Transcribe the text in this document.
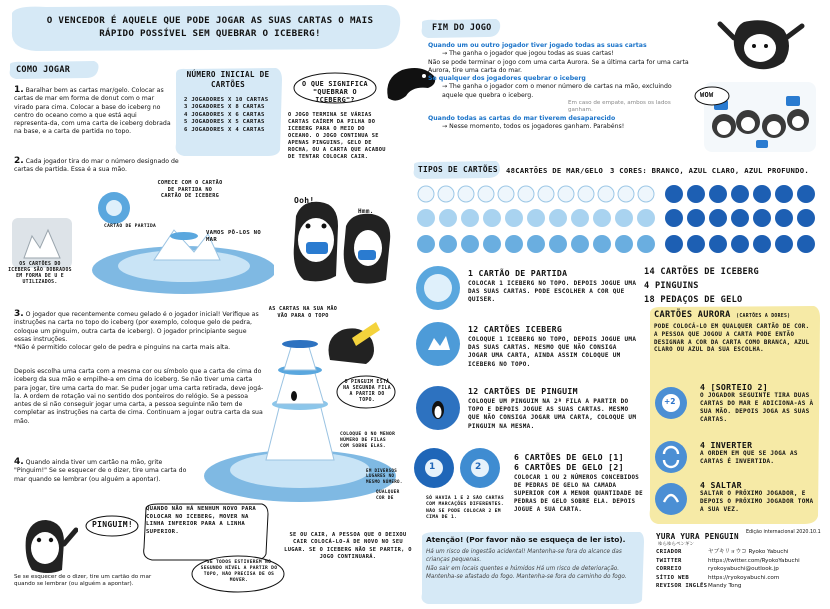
O VENCEDOR É AQUELE QUE PODE JOGAR AS SUAS CARTAS O MAIS RÁPIDO POSSÍVEL SEM QUEBRAR O ICEBERG!
COMO JOGAR
1. Baralhar bem as cartas mar/gelo. Colocar as cartas de mar em forma de donut com o mar virado para cima. Colocar a base do iceberg no centro do oceano como a que está aqui representa-da, com uma carta de iceberg dobrada na base, e a carta de partida no topo.
2. Cada jogador tira do mar o número designado de cartas de partida. Essa é a sua mão.
NÚMERO INICIAL DE CARTÕES
2 JOGADORES X 10 CARTAS
3 JOGADORES X 8 CARTAS
4 JOGADORES X 6 CARTAS
5 JOGADORES X 5 CARTAS
6 JOGADORES X 4 CARTAS
O QUE SIGNIFICA "QUEBRAR O ICEBERG"?
O JOGO TERMINA SE VÁRIAS CARTAS CAÍREM DA PILHA DO ICEBERG PARA O MEIO DO OCEANO. O JOGO CONTINUA SE APENAS PINGUINS, GELO DE ROCHA, OU A CARTA QUE ACABOU DE TENTAR COLOCAR CAIR.
FIM DO JOGO
Quando um ou outro jogador tiver jogado todas as suas cartas
→ The ganha o jogador que jogou todas as suas cartas!
Não se pode terminar o jogo com uma carta Aurora. Se a última carta for uma carta Aurora, tire uma carta do mar.
Se qualquer dos jogadores quebrar o iceberg
→ The ganha o jogador com o menor número de cartas na mão, excluindo aquele que quebra o iceberg.
Em caso de empate, ambos os lados ganham.
Quando todas as cartas do mar tiverem desaparecido
→ Nesse momento, todos os jogadores ganham. Parabéns!
WOW
TIPOS DE CARTÕES 48CARTÕES DE MAR/GELO 3 CORES: BRANCO, AZUL CLARO, AZUL PROFUNDO.
14 CARTÕES DE ICEBERG
4 PINGUINS
18 PEDAÇOS DE GELO
1 CARTÃO DE PARTIDA
COLOCAR 1 ICEBERG NO TOPO. DEPOIS JOGUE UMA DAS SUAS CARTAS. PODE ESCOLHER A COR QUE QUISER.
12 CARTÕES ICEBERG
COLOQUE 1 ICEBERG NO TOPO, DEPOIS JOGUE UMA DAS SUAS CARTAS. MESMO QUE NÃO CONSIGA JOGAR UMA CARTA, AINDA ASSIM COLOQUE UM ICEBERG NO TOPO.
12 CARTÕES DE PINGUIM
COLOQUE UM PINGUIM NA 2ª FILA A PARTIR DO TOPO E DEPOIS JOGUE AS SUAS CARTAS. MESMO QUE NÃO CONSIGA JOGAR UMA CARTA, COLOQUE UM PINGUIM NA MESMA.
1	2
6 CARTÕES DE GELO [1]
6 CARTÕES DE GELO [2]
COLOCAR 1 OU 2 NÚMEROS CONCEBIDOS DE PEDRAS DE GELO NA CAMADA SUPERIOR COM A MENOR QUANTIDADE DE PEDRAS DE GELO SOBRE ELA. DEPOIS JOGUE A SUA CARTA.
SÓ HAVIA 1 E 2 SÃO CARTAS COM MARCAÇÕES DIFERENTES. NÃO SE PODE COLOCAR 2 EM CIMA DE 1.
CARTÕES AURORA (CARTÕES A DORES)
PODE COLOCÁ-LO EM QUALQUER CARTÃO DE COR. A PESSOA QUE JOGOU A CARTA PODE ENTÃO DESIGNAR A COR DA CARTA COMO BRANCA, AZUL CLARO OU AZUL DA SUA ESCOLHA.
+2
4 [SORTEIO 2]
O JOGADOR SEGUINTE TIRA DUAS CARTAS DO MAR E ADICIONA-AS À SUA MÃO. DEPOIS JOGA AS SUAS CARTAS.
4 INVERTER
A ORDEM EM QUE SE JOGA AS CARTAS É INVERTIDA.
4 SALTAR
SALTAR O PRÓXIMO JOGADOR, E DEPOIS O PRÓXIMO JOGADOR TOMA A SUA VEZ.
Atenção! (Por favor não se esqueça de ler isto).
Há um risco de ingestão acidental! Mantenha-se fora do alcance das crianças pequenas.
Não sair em locais quentes e húmidos Há um risco de deterioração.
Mantenha-se afastado do fogo. Mantenha-se fora do caminho do fogo.
YURA YURA PENGUIN
ゆらゆらペンギン
Edição internacional 2020.10.1
CRIADOR	ヤブキリョウコ Ryoko Yabuchi
TWITTER	https://twitter.com/RyokoYabuchi
CORREIO	ryokoyabuchi@outlook.jp
SÍTIO WEB	https://ryokoyabuchi.com
REVISOR INGLÊSMandy Tong
OS CARTÕES DO ICEBERG SÃO DOBRADOS EM FORMA DE U E UTILIZADOS.
CARTÃO DE PARTIDA
COMECE COM O CARTÃO DE PARTIDA NO CARTÃO DE ICEBERG
VAMOS PÔ-LOS NO MAR
Ooh!
Hmm.
3. O jogador que recentemente comeu gelado é o jogador inicial! Verifique as instruções na carta no topo do iceberg (por exemplo, coloque gelo de pedra, coloque um pinguim, outra carta de iceberg). O jogador principiante segue essas instruções.
*Não é permitido colocar gelo de pedra e pinguins na carta mais alta.
Depois escolha uma carta com a mesma cor ou símbolo que a carta de cima do iceberg da sua mão e empilhe-a em cima do iceberg. Se não tiver uma carta para jogar, tire uma carta do mar. Se puder jogar uma carta retirada, deve jogá-la. A ordem de rotação vai no sentido dos ponteiros do relógio. Se a pessoa antes de si não conseguir jogar uma carta, a pessoa seguinte não tem de completar as instruções na carta de cima. Continuam a jogar outra carta da sua mão.
4. Quando ainda tiver um cartão na mão, grite "Pinguim!" Se se esquecer de o dizer, tire uma carta do mar quando se lembrar (ou alguém a apontar).
PINGUIM!
Se se esquecer de o dizer, tire um cartão do mar quando se lembrar (ou alguém a apontar).
AS CARTAS NA SUA MÃO VÃO PARA O TOPO
O PINGUIM ESTÁ NA SEGUNDA FILA A PARTIR DO TOPO.
COLOQUE O NO MENOR NÚMERO DE FILAS COM SOBRE ELAS.
EM DIVERSOS LUGARES NO MESMO NÚMERO.
QUALQUER COR DE
QUANDO NÃO HÁ NENHUM NOVO PARA COLOCAR NO ICEBERG, MOVER NA LINHA INFERIOR PARA A LINHA SUPERIOR.
SE TODOS ESTIVEREM NO SEGUNDO NÍVEL A PARTIR DO TOPO, NÃO PRECISA DE OS MOVER.
SE OU CAIR, A PESSOA QUE O DEIXOU CAIR COLOCÁ-LO-Á DE NOVO NO SEU LUGAR. SE O ICEBERG NÃO SE PARTIR, O JOGO CONTINUARÁ.
